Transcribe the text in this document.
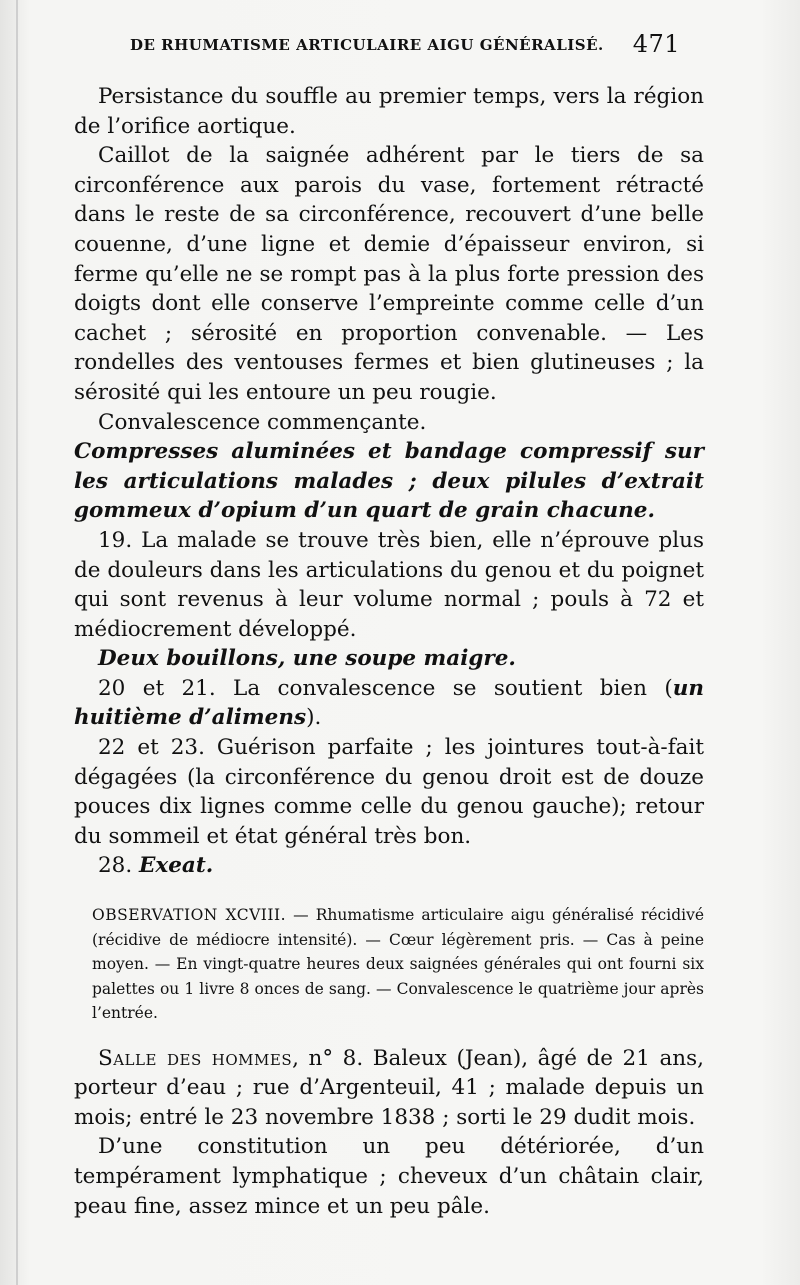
DE RHUMATISME ARTICULAIRE AIGU GÉNÉRALISÉ. 471

Persistance du souffle au premier temps, vers la région de l’orifice aortique.

Caillot de la saignée adhérent par le tiers de sa circonférence aux parois du vase, fortement rétracté dans le reste de sa circonférence, recouvert d’une belle couenne, d’une ligne et demie d’épaisseur environ, si ferme qu’elle ne se rompt pas à la plus forte pression des doigts dont elle conserve l’empreinte comme celle d’un cachet ; sérosité en proportion convenable. — Les rondelles des ventouses fermes et bien glutineuses ; la sérosité qui les entoure un peu rougie.

Convalescence commençante.

Compresses aluminées et bandage compressif sur les articulations malades ; deux pilules d’extrait gommeux d’opium d’un quart de grain chacune.

19. La malade se trouve très bien, elle n’éprouve plus de douleurs dans les articulations du genou et du poignet qui sont revenus à leur volume normal ; pouls à 72 et médiocrement développé.

Deux bouillons, une soupe maigre.

20 et 21. La convalescence se soutient bien (un huitième d’alimens).

22 et 23. Guérison parfaite ; les jointures tout-à-fait dégagées (la circonférence du genou droit est de douze pouces dix lignes comme celle du genou gauche); retour du sommeil et état général très bon.

28. Exeat.

OBSERVATION XCVIII. — Rhumatisme articulaire aigu généralisé récidivé (récidive de médiocre intensité). — Cœur légèrement pris. — Cas à peine moyen. — En vingt-quatre heures deux saignées générales qui ont fourni six palettes ou 1 livre 8 onces de sang. — Convalescence le quatrième jour après l’entrée.

Salle des hommes, n° 8. Baleux (Jean), âgé de 21 ans, porteur d’eau ; rue d’Argenteuil, 41 ; malade depuis un mois; entré le 23 novembre 1838 ; sorti le 29 dudit mois.

D’une constitution un peu détériorée, d’un tempérament lymphatique ; cheveux d’un châtain clair, peau fine, assez mince et un peu pâle.
